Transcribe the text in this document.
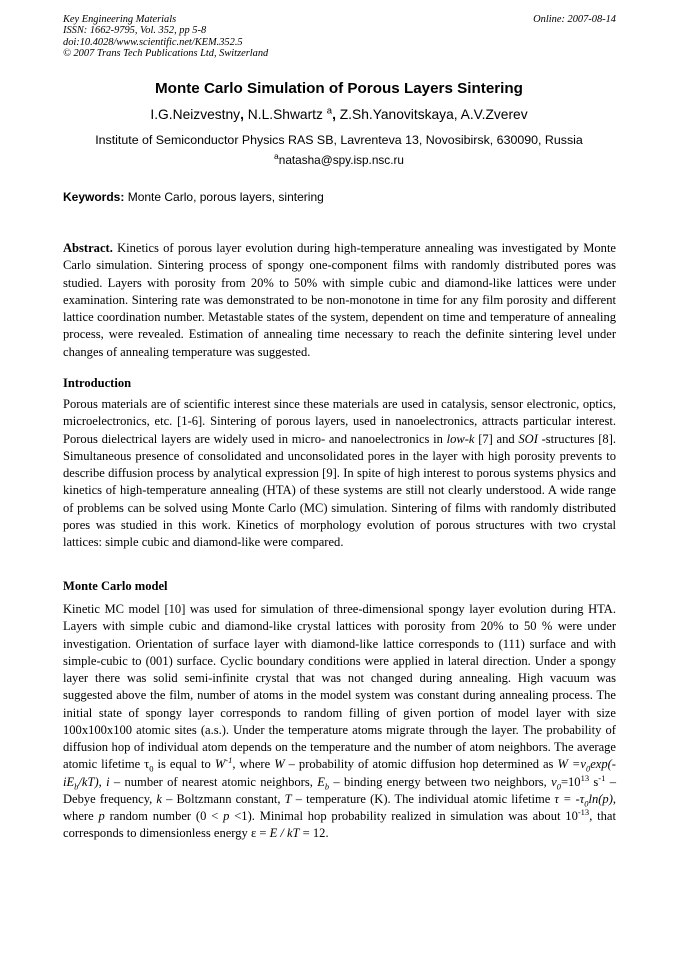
Key Engineering Materials
ISSN: 1662-9795, Vol. 352, pp 5-8
doi:10.4028/www.scientific.net/KEM.352.5
© 2007 Trans Tech Publications Ltd, Switzerland
Online: 2007-08-14
Monte Carlo Simulation of Porous Layers Sintering
I.G.Neizvestny, N.L.Shwartz $^a$, Z.Sh.Yanovitskaya, A.V.Zverev
Institute of Semiconductor Physics RAS SB, Lavrenteva 13, Novosibirsk, 630090, Russia
$^a$natasha@spy.isp.nsc.ru
Keywords: Monte Carlo, porous layers, sintering
Abstract. Kinetics of porous layer evolution during high-temperature annealing was investigated by Monte Carlo simulation. Sintering process of spongy one-component films with randomly distributed pores was studied. Layers with porosity from 20% to 50% with simple cubic and diamond-like lattices were under examination. Sintering rate was demonstrated to be non-monotone in time for any film porosity and different lattice coordination number. Metastable states of the system, dependent on time and temperature of annealing process, were revealed. Estimation of annealing time necessary to reach the definite sintering level under changes of annealing temperature was suggested.
Introduction
Porous materials are of scientific interest since these materials are used in catalysis, sensor electronic, optics, microelectronics, etc. [1-6]. Sintering of porous layers, used in nanoelectronics, attracts particular interest. Porous dielectrical layers are widely used in micro- and nanoelectronics in low-k [7] and SOI -structures [8]. Simultaneous presence of consolidated and unconsolidated pores in the layer with high porosity prevents to describe diffusion process by analytical expression [9]. In spite of high interest to porous systems physics and kinetics of high-temperature annealing (HTA) of these systems are still not clearly understood. A wide range of problems can be solved using Monte Carlo (MC) simulation. Sintering of films with randomly distributed pores was studied in this work. Kinetics of morphology evolution of porous structures with two crystal lattices: simple cubic and diamond-like were compared.
Monte Carlo model
Kinetic MC model [10] was used for simulation of three-dimensional spongy layer evolution during HTA. Layers with simple cubic and diamond-like crystal lattices with porosity from 20% to 50 % were under investigation. Orientation of surface layer with diamond-like lattice corresponds to (111) surface and with simple-cubic to (001) surface. Cyclic boundary conditions were applied in lateral direction. Under a spongy layer there was solid semi-infinite crystal that was not changed during annealing. High vacuum was suggested above the film, number of atoms in the model system was constant during annealing process. The initial state of spongy layer corresponds to random filling of given portion of model layer with size 100x100x100 atomic sites (a.s.). Under the temperature atoms migrate through the layer. The probability of diffusion hop of individual atom depends on the temperature and the number of atom neighbors. The average atomic lifetime $\tau_0$ is equal to $W^{-1}$, where W – probability of atomic diffusion hop determined as $W =\nu_0\exp(-iE_b/kT)$, i – number of nearest atomic neighbors, $E_b$ – binding energy between two neighbors, $\nu_0=10^{13}$ $s^{-1}$ – Debye frequency, k – Boltzmann constant, T – temperature (K). The individual atomic lifetime $\tau = -\tau_0\ln(p)$, where p random number (0 < p <1). Minimal hop probability realized in simulation was about $10^{-13}$, that corresponds to dimensionless energy ε = E / kT = 12.
